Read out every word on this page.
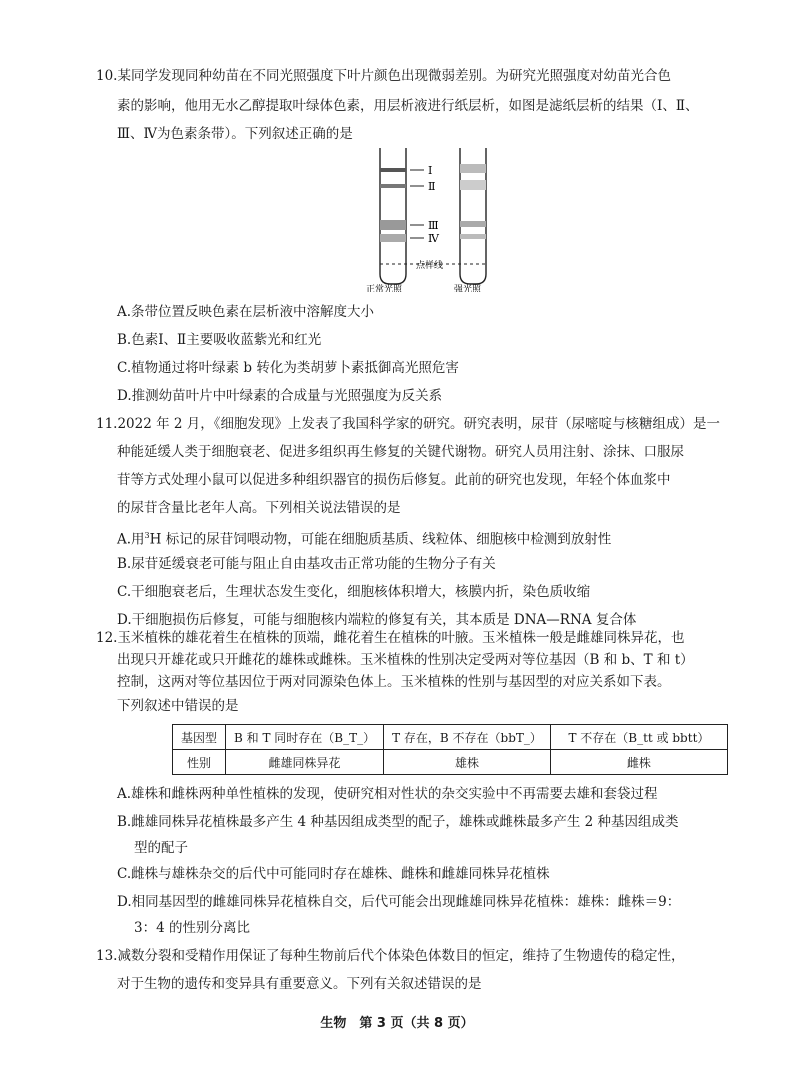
10.某同学发现同种幼苗在不同光照强度下叶片颜色出现微弱差别。为研究光照强度对幼苗光合色
素的影响，他用无水乙醇提取叶绿体色素，用层析液进行纸层析，如图是滤纸层析的结果（Ⅰ、Ⅱ、
Ⅲ、Ⅳ为色素条带）。下列叙述正确的是
Ⅰ
Ⅱ
Ⅲ
Ⅳ
点样线
正常光照	强光照
A.条带位置反映色素在层析液中溶解度大小
B.色素Ⅰ、Ⅱ主要吸收蓝紫光和红光
C.植物通过将叶绿素 b 转化为类胡萝卜素抵御高光照危害
D.推测幼苗叶片中叶绿素的合成量与光照强度为反关系
11.2022 年 2 月，《细胞发现》上发表了我国科学家的研究。研究表明，尿苷（尿嘧啶与核糖组成）是一
种能延缓人类于细胞衰老、促进多组织再生修复的关键代谢物。研究人员用注射、涂抹、口服尿
苷等方式处理小鼠可以促进多种组织器官的损伤后修复。此前的研究也发现，年轻个体血浆中
的尿苷含量比老年人高。下列相关说法错误的是
A.用$^3$H 标记的尿苷饲喂动物，可能在细胞质基质、线粒体、细胞核中检测到放射性
B.尿苷延缓衰老可能与阻止自由基攻击正常功能的生物分子有关
C.干细胞衰老后，生理状态发生变化，细胞核体积增大，核膜内折，染色质收缩
D.干细胞损伤后修复，可能与细胞核内端粒的修复有关，其本质是 DNA—RNA 复合体
12.玉米植株的雄花着生在植株的顶端，雌花着生在植株的叶腋。玉米植株一般是雌雄同株异花，也
出现只开雄花或只开雌花的雄株或雌株。玉米植株的性别决定受两对等位基因（B 和 b、T 和 t）
控制，这两对等位基因位于两对同源染色体上。玉米植株的性别与基因型的对应关系如下表。
下列叙述中错误的是
基因型	B 和 T 同时存在（B_T_）	T 存在，B 不存在（bbT_）	T 不存在（B_tt 或 bbtt）
性别	雌雄同株异花	雄株	雌株
A.雄株和雌株两种单性植株的发现，使研究相对性状的杂交实验中不再需要去雄和套袋过程
B.雌雄同株异花植株最多产生 4 种基因组成类型的配子，雄株或雌株最多产生 2 种基因组成类
型的配子
C.雌株与雄株杂交的后代中可能同时存在雄株、雌株和雌雄同株异花植株
D.相同基因型的雌雄同株异花植株自交，后代可能会出现雌雄同株异花植株：雄株：雌株＝9：
3：4 的性别分离比
13.减数分裂和受精作用保证了每种生物前后代个体染色体数目的恒定，维持了生物遗传的稳定性，
对于生物的遗传和变异具有重要意义。下列有关叙述错误的是
生物　第 3 页（共 8 页）
